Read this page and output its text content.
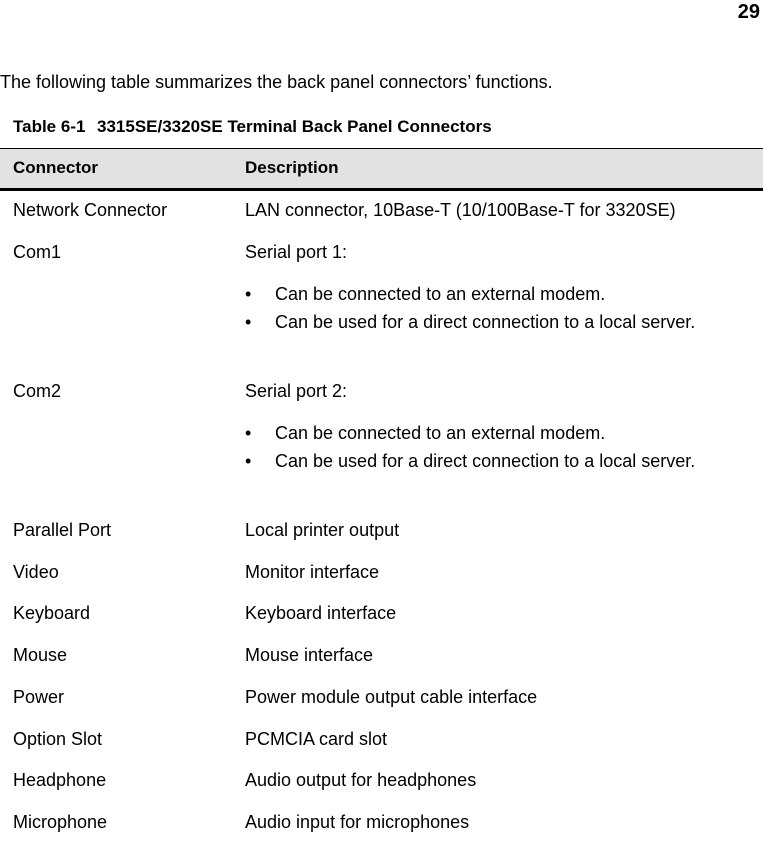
29
The following table summarizes the back panel connectors’ functions.
Table 6-1 3315SE/3320SE Terminal Back Panel Connectors
Connector	Description
Network Connector	LAN connector, 10Base-T (10/100Base-T for 3320SE)
Com1	Serial port 1:
• Can be connected to an external modem.
• Can be used for a direct connection to a local server.
Com2	Serial port 2:
• Can be connected to an external modem.
• Can be used for a direct connection to a local server.
Parallel Port	Local printer output
Video	Monitor interface
Keyboard	Keyboard interface
Mouse	Mouse interface
Power	Power module output cable interface
Option Slot	PCMCIA card slot
Headphone	Audio output for headphones
Microphone	Audio input for microphones
